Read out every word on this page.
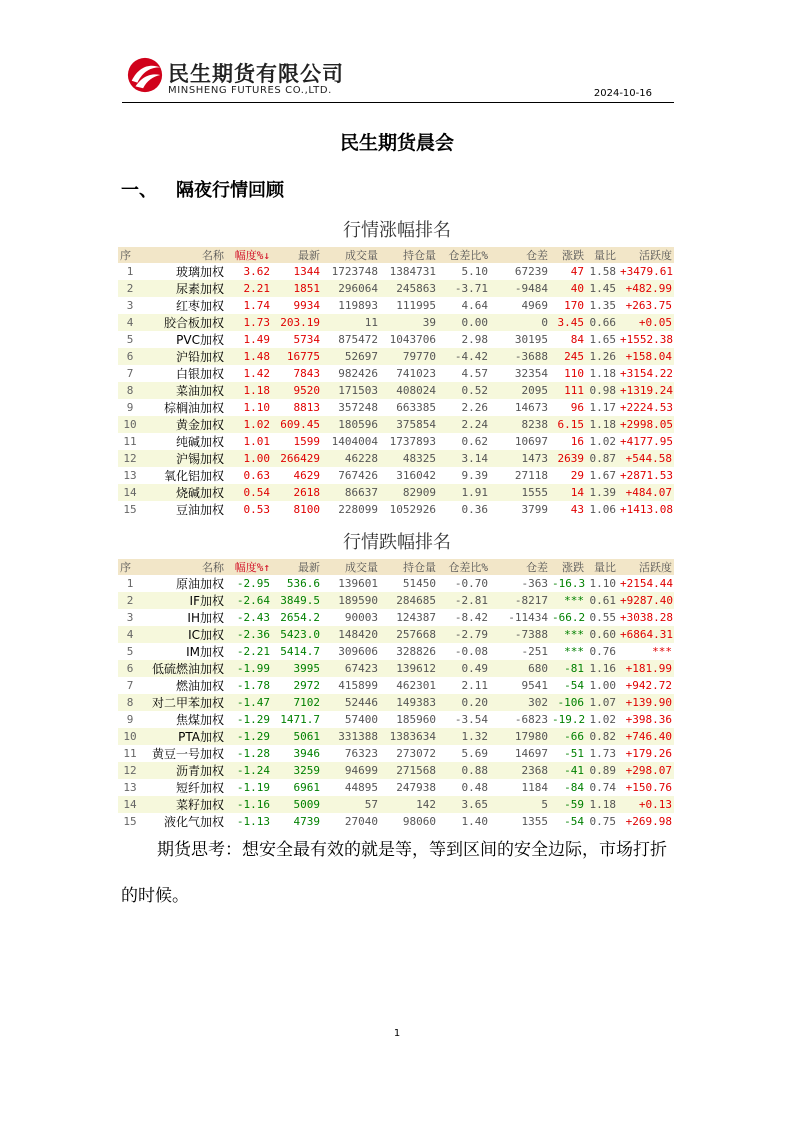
民生期货有限公司
MINSHENG FUTURES CO.,LTD.	2024-10-16
民生期货晨会
一、 隔夜行情回顾
行情涨幅排名
序	名称	幅度%↓	最新	成交量	持仓量	仓差比%	仓差	涨跌	量比	活跃度
1	玻璃加权	3.62	1344	1723748	1384731	5.10	67239	47	1.58	+3479.61
2	尿素加权	2.21	1851	296064	245863	-3.71	-9484	40	1.45	+482.99
3	红枣加权	1.74	9934	119893	111995	4.64	4969	170	1.35	+263.75
4	胶合板加权	1.73	203.19	11	39	0.00	0	3.45	0.66	+0.05
5	PVC加权	1.49	5734	875472	1043706	2.98	30195	84	1.65	+1552.38
6	沪铅加权	1.48	16775	52697	79770	-4.42	-3688	245	1.26	+158.04
7	白银加权	1.42	7843	982426	741023	4.57	32354	110	1.18	+3154.22
8	菜油加权	1.18	9520	171503	408024	0.52	2095	111	0.98	+1319.24
9	棕榈油加权	1.10	8813	357248	663385	2.26	14673	96	1.17	+2224.53
10	黄金加权	1.02	609.45	180596	375854	2.24	8238	6.15	1.18	+2998.05
11	纯碱加权	1.01	1599	1404004	1737893	0.62	10697	16	1.02	+4177.95
12	沪锡加权	1.00	266429	46228	48325	3.14	1473	2639	0.87	+544.58
13	氧化铝加权	0.63	4629	767426	316042	9.39	27118	29	1.67	+2871.53
14	烧碱加权	0.54	2618	86637	82909	1.91	1555	14	1.39	+484.07
15	豆油加权	0.53	8100	228099	1052926	0.36	3799	43	1.06	+1413.08
行情跌幅排名
序	名称	幅度%↑	最新	成交量	持仓量	仓差比%	仓差	涨跌	量比	活跃度
1	原油加权	-2.95	536.6	139601	51450	-0.70	-363	-16.3	1.10	+2154.44
2	IF加权	-2.64	3849.5	189590	284685	-2.81	-8217	***	0.61	+9287.40
3	IH加权	-2.43	2654.2	90003	124387	-8.42	-11434	-66.2	0.55	+3038.28
4	IC加权	-2.36	5423.0	148420	257668	-2.79	-7388	***	0.60	+6864.31
5	IM加权	-2.21	5414.7	309606	328826	-0.08	-251	***	0.76	***
6	低硫燃油加权	-1.99	3995	67423	139612	0.49	680	-81	1.16	+181.99
7	燃油加权	-1.78	2972	415899	462301	2.11	9541	-54	1.00	+942.72
8	对二甲苯加权	-1.47	7102	52446	149383	0.20	302	-106	1.07	+139.90
9	焦煤加权	-1.29	1471.7	57400	185960	-3.54	-6823	-19.2	1.02	+398.36
10	PTA加权	-1.29	5061	331388	1383634	1.32	17980	-66	0.82	+746.40
11	黄豆一号加权	-1.28	3946	76323	273072	5.69	14697	-51	1.73	+179.26
12	沥青加权	-1.24	3259	94699	271568	0.88	2368	-41	0.89	+298.07
13	短纤加权	-1.19	6961	44895	247938	0.48	1184	-84	0.74	+150.76
14	菜籽加权	-1.16	5009	57	142	3.65	5	-59	1.18	+0.13
15	液化气加权	-1.13	4739	27040	98060	1.40	1355	-54	0.75	+269.98
期货思考：想安全最有效的就是等，等到区间的安全边际，市场打折的时候。
1
